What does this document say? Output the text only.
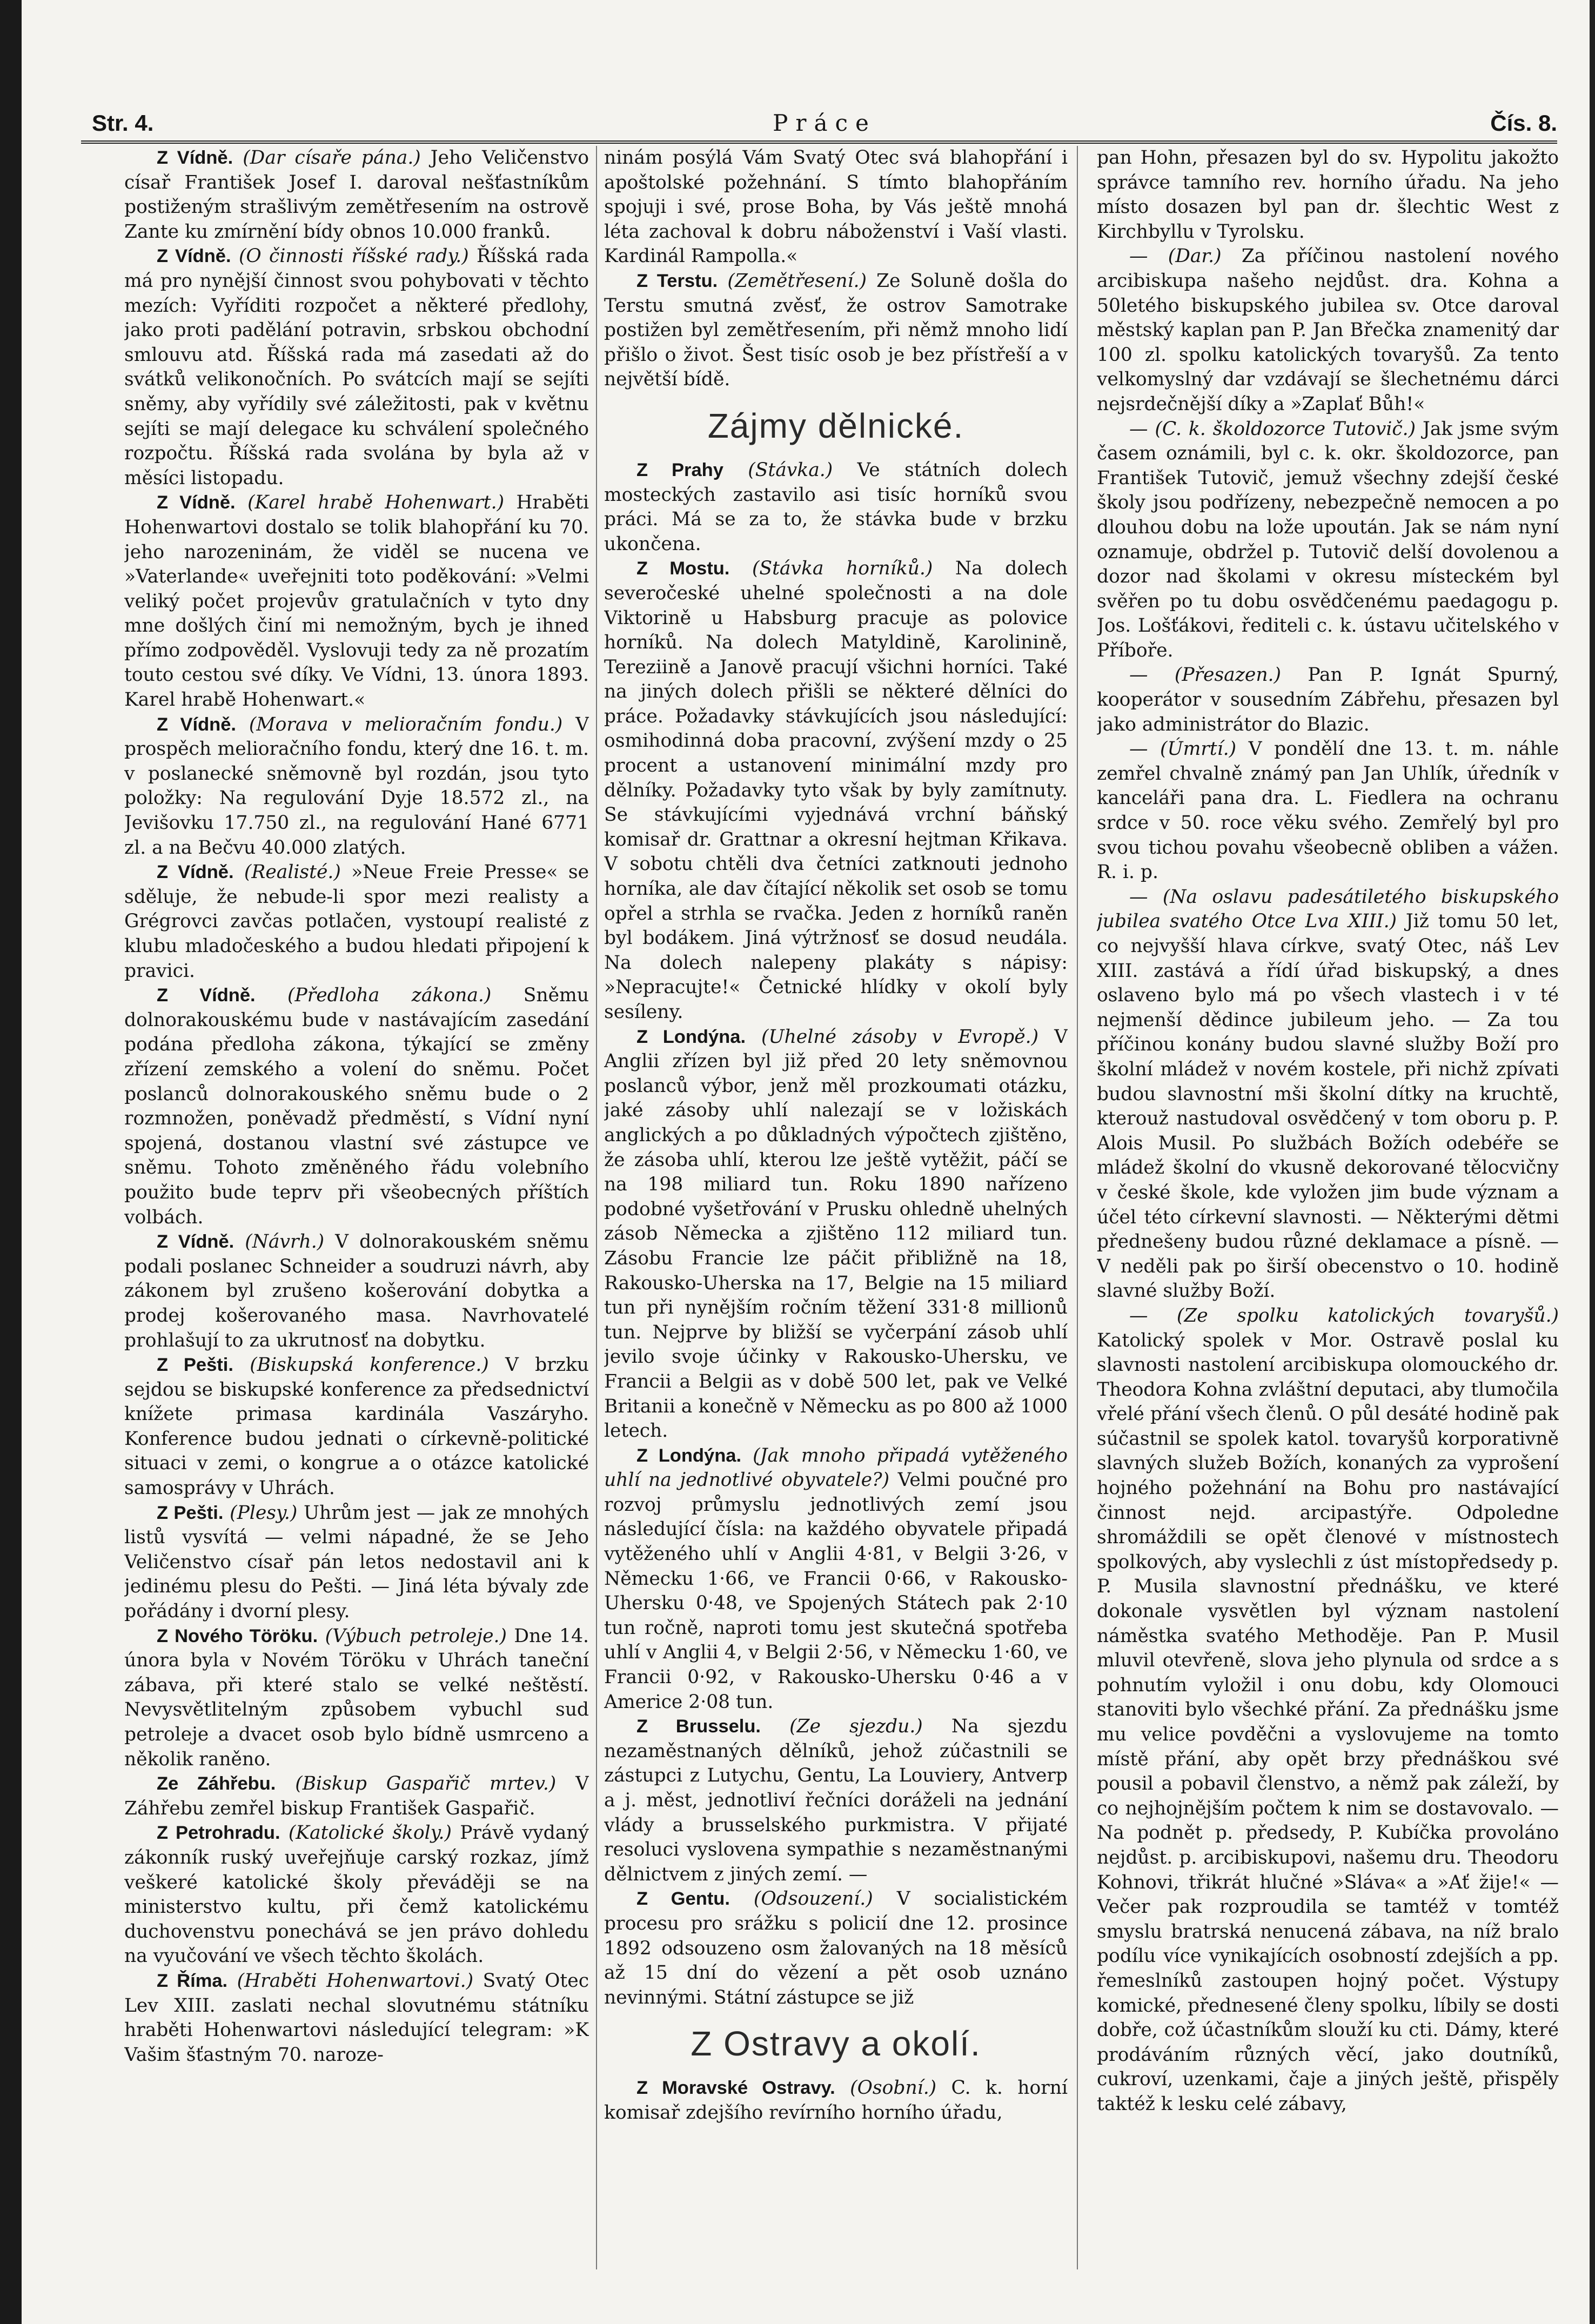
Str. 4.	Práce	Čís. 8.

Z Vídně. (Dar císaře pána.) Jeho Veličenstvo císař František Josef I. daroval nešťastníkům postiženým strašlivým zemětřesením na ostrově Zante ku zmírnění bídy obnos 10.000 franků.

Z Vídně. (O činnosti říšské rady.) Říšská rada má pro nynější činnost svou pohybovati v těchto mezích: Vyříditi rozpočet a některé předlohy, jako proti padělání potravin, srbskou obchodní smlouvu atd. Říšská rada má zasedati až do svátků velikonočních. Po svátcích mají se sejíti sněmy, aby vyřídily své záležitosti, pak v květnu sejíti se mají delegace ku schválení společného rozpočtu. Říšská rada svolána by byla až v měsíci listopadu.

Z Vídně. (Karel hrabě Hohenwart.) Hraběti Hohenwartovi dostalo se tolik blahopřání ku 70. jeho narozeninám, že viděl se nucena ve »Vaterlande« uveřejniti toto poděkování: »Velmi veliký počet projevův gratulačních v tyto dny mne došlých činí mi nemožným, bych je ihned přímo zodpověděl. Vyslovuji tedy za ně prozatím touto cestou své díky. Ve Vídni, 13. února 1893. Karel hrabě Hohenwart.«

Z Vídně. (Morava v melioračním fondu.) V prospěch melioračního fondu, který dne 16. t. m. v poslanecké sněmovně byl rozdán, jsou tyto položky: Na regulování Dyje 18.572 zl., na Jevišovku 17.750 zl., na regulování Hané 6771 zl. a na Bečvu 40.000 zlatých.

Z Vídně. (Realisté.) »Neue Freie Presse« se sděluje, že nebude-li spor mezi realisty a Grégrovci zavčas potlačen, vystoupí realisté z klubu mladočeského a budou hledati připojení k pravici.

Z Vídně. (Předloha zákona.) Sněmu dolnorakouskému bude v nastávajícím zasedání podána předloha zákona, týkající se změny zřízení zemského a volení do sněmu. Počet poslanců dolnorakouského sněmu bude o 2 rozmnožen, poněvadž předměstí, s Vídní nyní spojená, dostanou vlastní své zástupce ve sněmu. Tohoto změněného řádu volebního použito bude teprv při všeobecných příštích volbách.

Z Vídně. (Návrh.) V dolnorakouském sněmu podali poslanec Schneider a soudruzi návrh, aby zákonem byl zrušeno košerování dobytka a prodej košerovaného masa. Navrhovatelé prohlašují to za ukrutnosť na dobytku.

Z Pešti. (Biskupská konference.) V brzku sejdou se biskupské konference za předsednictví knížete primasa kardinála Vaszáryho. Konference budou jednati o církevně-politické situaci v zemi, o kongrue a o otázce katolické samosprávy v Uhrách.

Z Pešti. (Plesy.) Uhrům jest — jak ze mnohých listů vysvítá — velmi nápadné, že se Jeho Veličenstvo císař pán letos nedostavil ani k jedinému plesu do Pešti. — Jiná léta bývaly zde pořádány i dvorní plesy.

Z Nového Töröku. (Výbuch petroleje.) Dne 14. února byla v Novém Töröku v Uhrách taneční zábava, při které stalo se velké neštěstí. Nevysvětlitelným způsobem vybuchl sud petroleje a dvacet osob bylo bídně usmrceno a několik raněno.

Ze Záhřebu. (Biskup Gaspařič mrtev.) V Záhřebu zemřel biskup František Gaspařič.

Z Petrohradu. (Katolické školy.) Právě vydaný zákonník ruský uveřejňuje carský rozkaz, jímž veškeré katolické školy převáději se na ministerstvo kultu, při čemž katolickému duchovenstvu ponechává se jen právo dohledu na vyučování ve všech těchto školách.

Z Říma. (Hraběti Hohenwartovi.) Svatý Otec Lev XIII. zaslati nechal slovutnému státníku hraběti Hohenwartovi následující telegram: »K Vašim šťastným 70. naroze-

ninám posýlá Vám Svatý Otec svá blahopřání i apoštolské požehnání. S tímto blahopřáním spojuji i své, prose Boha, by Vás ještě mnohá léta zachoval k dobru náboženství i Vaší vlasti. Kardinál Rampolla.«

Z Terstu. (Zemětřesení.) Ze Soluně došla do Terstu smutná zvěsť, že ostrov Samotrake postižen byl zemětřesením, při němž mnoho lidí přišlo o život. Šest tisíc osob je bez přístřeší a v největší bídě.

Zájmy dělnické.

Z Prahy (Stávka.) Ve státních dolech mosteckých zastavilo asi tisíc horníků svou práci. Má se za to, že stávka bude v brzku ukončena.

Z Mostu. (Stávka horníků.) Na dolech severočeské uhelné společnosti a na dole Viktorině u Habsburg pracuje as polovice horníků. Na dolech Matyldině, Karolinině, Tereziině a Janově pracují všichni horníci. Také na jiných dolech přišli se některé dělníci do práce. Požadavky stávkujících jsou následující: osmihodinná doba pracovní, zvýšení mzdy o 25 procent a ustanovení minimální mzdy pro dělníky. Požadavky tyto však by byly zamítnuty. Se stávkujícími vyjednává vrchní báňský komisař dr. Grattnar a okresní hejtman Křikava. V sobotu chtěli dva četníci zatknouti jednoho horníka, ale dav čítající několik set osob se tomu opřel a strhla se rvačka. Jeden z horníků raněn byl bodákem. Jiná výtržnosť se dosud neudála. Na dolech nalepeny plakáty s nápisy: »Nepracujte!« Četnické hlídky v okolí byly sesíleny.

Z Londýna. (Uhelné zásoby v Evropě.) V Anglii zřízen byl již před 20 lety sněmovnou poslanců výbor, jenž měl prozkoumati otázku, jaké zásoby uhlí nalezají se v ložiskách anglických a po důkladných výpočtech zjištěno, že zásoba uhlí, kterou lze ještě vytěžit, páčí se na 198 miliard tun. Roku 1890 nařízeno podobné vyšetřování v Prusku ohledně uhelných zásob Německa a zjištěno 112 miliard tun. Zásobu Francie lze páčit přibližně na 18, Rakousko-Uherska na 17, Belgie na 15 miliard tun při nynějším ročním těžení 331·8 millionů tun. Nejprve by bližší se vyčerpání zásob uhlí jevilo svoje účinky v Rakousko-Uhersku, ve Francii a Belgii as v době 500 let, pak ve Velké Britanii a konečně v Německu as po 800 až 1000 letech.

Z Londýna. (Jak mnoho připadá vytěženého uhlí na jednotlivé obyvatele?) Velmi poučné pro rozvoj průmyslu jednotlivých zemí jsou následující čísla: na každého obyvatele připadá vytěženého uhlí v Anglii 4·81, v Belgii 3·26, v Německu 1·66, ve Francii 0·66, v Rakousko-Uhersku 0·48, ve Spojených Státech pak 2·10 tun ročně, naproti tomu jest skutečná spotřeba uhlí v Anglii 4, v Belgii 2·56, v Německu 1·60, ve Francii 0·92, v Rakousko-Uhersku 0·46 a v Americe 2·08 tun.

Z Brusselu. (Ze sjezdu.) Na sjezdu nezaměstnaných dělníků, jehož zúčastnili se zástupci z Lutychu, Gentu, La Louviery, Antverp a j. měst, jednotliví řečníci doráželi na jednání vlády a brusselského purkmistra. V přijaté resoluci vyslovena sympathie s nezaměstnanými dělnictvem z jiných zemí. —

Z Gentu. (Odsouzení.) V socialistickém procesu pro srážku s policií dne 12. prosince 1892 odsouzeno osm žalovaných na 18 měsíců až 15 dní do vězení a pět osob uznáno nevinnými. Státní zástupce se již

Z Ostravy a okolí.

Z Moravské Ostravy. (Osobní.) C. k. horní komisař zdejšího revírního horního úřadu,

pan Hohn, přesazen byl do sv. Hypolitu jakožto správce tamního rev. horního úřadu. Na jeho místo dosazen byl pan dr. šlechtic West z Kirchbyllu v Tyrolsku.

— (Dar.) Za příčinou nastolení nového arcibiskupa našeho nejdůst. dra. Kohna a 50letého biskupského jubilea sv. Otce daroval městský kaplan pan P. Jan Břečka znamenitý dar 100 zl. spolku katolických tovaryšů. Za tento velkomyslný dar vzdávají se šlechetnému dárci nejsrdečnější díky a »Zaplať Bůh!«

— (C. k. školdozorce Tutovič.) Jak jsme svým časem oznámili, byl c. k. okr. školdozorce, pan František Tutovič, jemuž všechny zdejší české školy jsou podřízeny, nebezpečně nemocen a po dlouhou dobu na lože upoután. Jak se nám nyní oznamuje, obdržel p. Tutovič delší dovolenou a dozor nad školami v okresu místeckém byl svěřen po tu dobu osvědčenému paedagogu p. Jos. Lošťákovi, řediteli c. k. ústavu učitelského v Příboře.

— (Přesazen.) Pan P. Ignát Spurný, kooperátor v sousedním Zábřehu, přesazen byl jako administrátor do Blazic.

— (Úmrtí.) V pondělí dne 13. t. m. náhle zemřel chvalně známý pan Jan Uhlík, úředník v kanceláři pana dra. L. Fiedlera na ochranu srdce v 50. roce věku svého. Zemřelý byl pro svou tichou povahu všeobecně obliben a vážen. R. i. p.

— (Na oslavu padesátiletého biskupského jubilea svatého Otce Lva XIII.) Již tomu 50 let, co nejvyšší hlava církve, svatý Otec, náš Lev XIII. zastává a řídí úřad biskupský, a dnes oslaveno bylo má po všech vlastech i v té nejmenší dědince jubileum jeho. — Za tou příčinou konány budou slavné služby Boží pro školní mládež v novém kostele, při nichž zpívati budou slavnostní mši školní dítky na kruchtě, kterouž nastudoval osvědčený v tom oboru p. P. Alois Musil. Po službách Božích odebéře se mládež školní do vkusně dekorované tělocvičny v české škole, kde vyložen jim bude význam a účel této církevní slavnosti. — Některými dětmi přednešeny budou různé deklamace a písně. — V neděli pak po širší obecenstvo o 10. hodině slavné služby Boží.

— (Ze spolku katolických tovaryšů.) Katolický spolek v Mor. Ostravě poslal ku slavnosti nastolení arcibiskupa olomouckého dr. Theodora Kohna zvláštní deputaci, aby tlumočila vřelé přání všech členů. O půl desáté hodině pak súčastnil se spolek katol. tovaryšů korporativně slavných služeb Božích, konaných za vyprošení hojného požehnání na Bohu pro nastávající činnost nejd. arcipastýře. Odpoledne shromáždili se opět členové v místnostech spolkových, aby vyslechli z úst místopředsedy p. P. Musila slavnostní přednášku, ve které dokonale vysvětlen byl význam nastolení náměstka svatého Methoděje. Pan P. Musil mluvil otevřeně, slova jeho plynula od srdce a s pohnutím vyložil i onu dobu, kdy Olomouci stanoviti bylo všechké přání. Za přednášku jsme mu velice povděčni a vyslovujeme na tomto místě přání, aby opět brzy přednáškou své pousil a pobavil členstvo, a němž pak záleží, by co nejhojnějším počtem k nim se dostavovalo. — Na podnět p. předsedy, P. Kubíčka provoláno nejdůst. p. arcibiskupovi, našemu dru. Theodoru Kohnovi, třikrát hlučné »Sláva« a »Ať žije!« — Večer pak rozproudila se tamtéž v tomtéž smyslu bratrská nenucená zábava, na níž bralo podílu více vynikajících osobností zdejších a pp. řemeslníků zastoupen hojný počet. Výstupy komické, přednesené členy spolku, líbily se dosti dobře, což účastníkům slouží ku cti. Dámy, které prodáváním různých věcí, jako doutníků, cukroví, uzenkami, čaje a jiných ještě, přispěly taktéž k lesku celé zábavy,
